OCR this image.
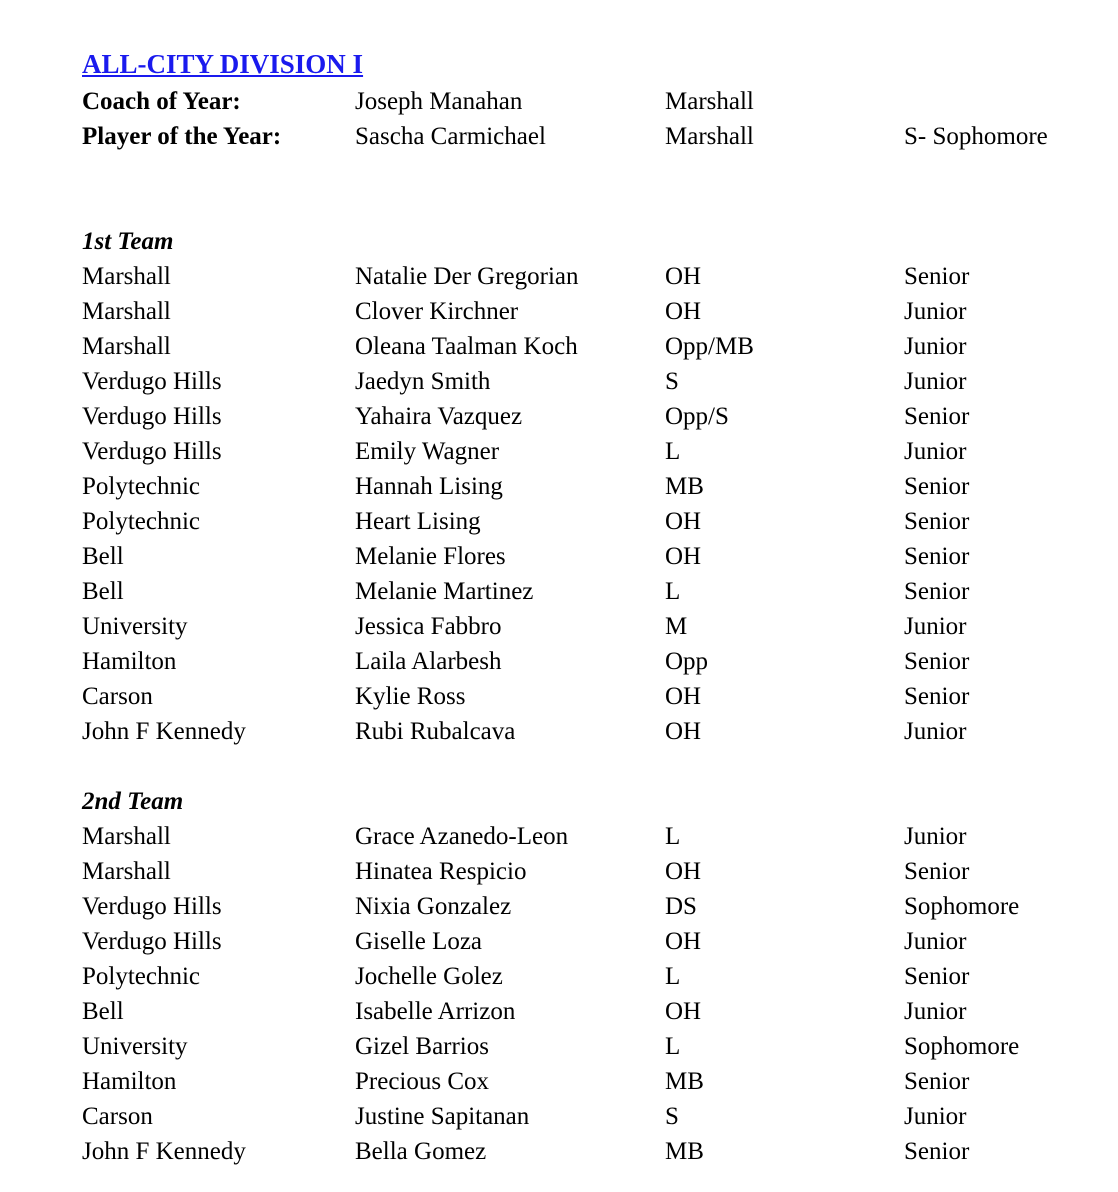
ALL-CITY DIVISION I
Coach of Year:	Joseph Manahan	Marshall
Player of the Year:	Sascha Carmichael	Marshall	S- Sophomore
1st Team
Marshall	Natalie Der Gregorian	OH	Senior
Marshall	Clover Kirchner	OH	Junior
Marshall	Oleana Taalman Koch	Opp/MB	Junior
Verdugo Hills	Jaedyn Smith	S	Junior
Verdugo Hills	Yahaira Vazquez	Opp/S	Senior
Verdugo Hills	Emily Wagner	L	Junior
Polytechnic	Hannah Lising	MB	Senior
Polytechnic	Heart Lising	OH	Senior
Bell	Melanie Flores	OH	Senior
Bell	Melanie Martinez	L	Senior
University	Jessica Fabbro	M	Junior
Hamilton	Laila Alarbesh	Opp	Senior
Carson	Kylie Ross	OH	Senior
John F Kennedy	Rubi Rubalcava	OH	Junior
2nd Team
Marshall	Grace Azanedo-Leon	L	Junior
Marshall	Hinatea Respicio	OH	Senior
Verdugo Hills	Nixia Gonzalez	DS	Sophomore
Verdugo Hills	Giselle Loza	OH	Junior
Polytechnic	Jochelle Golez	L	Senior
Bell	Isabelle Arrizon	OH	Junior
University	Gizel Barrios	L	Sophomore
Hamilton	Precious Cox	MB	Senior
Carson	Justine Sapitanan	S	Junior
John F Kennedy	Bella Gomez	MB	Senior
